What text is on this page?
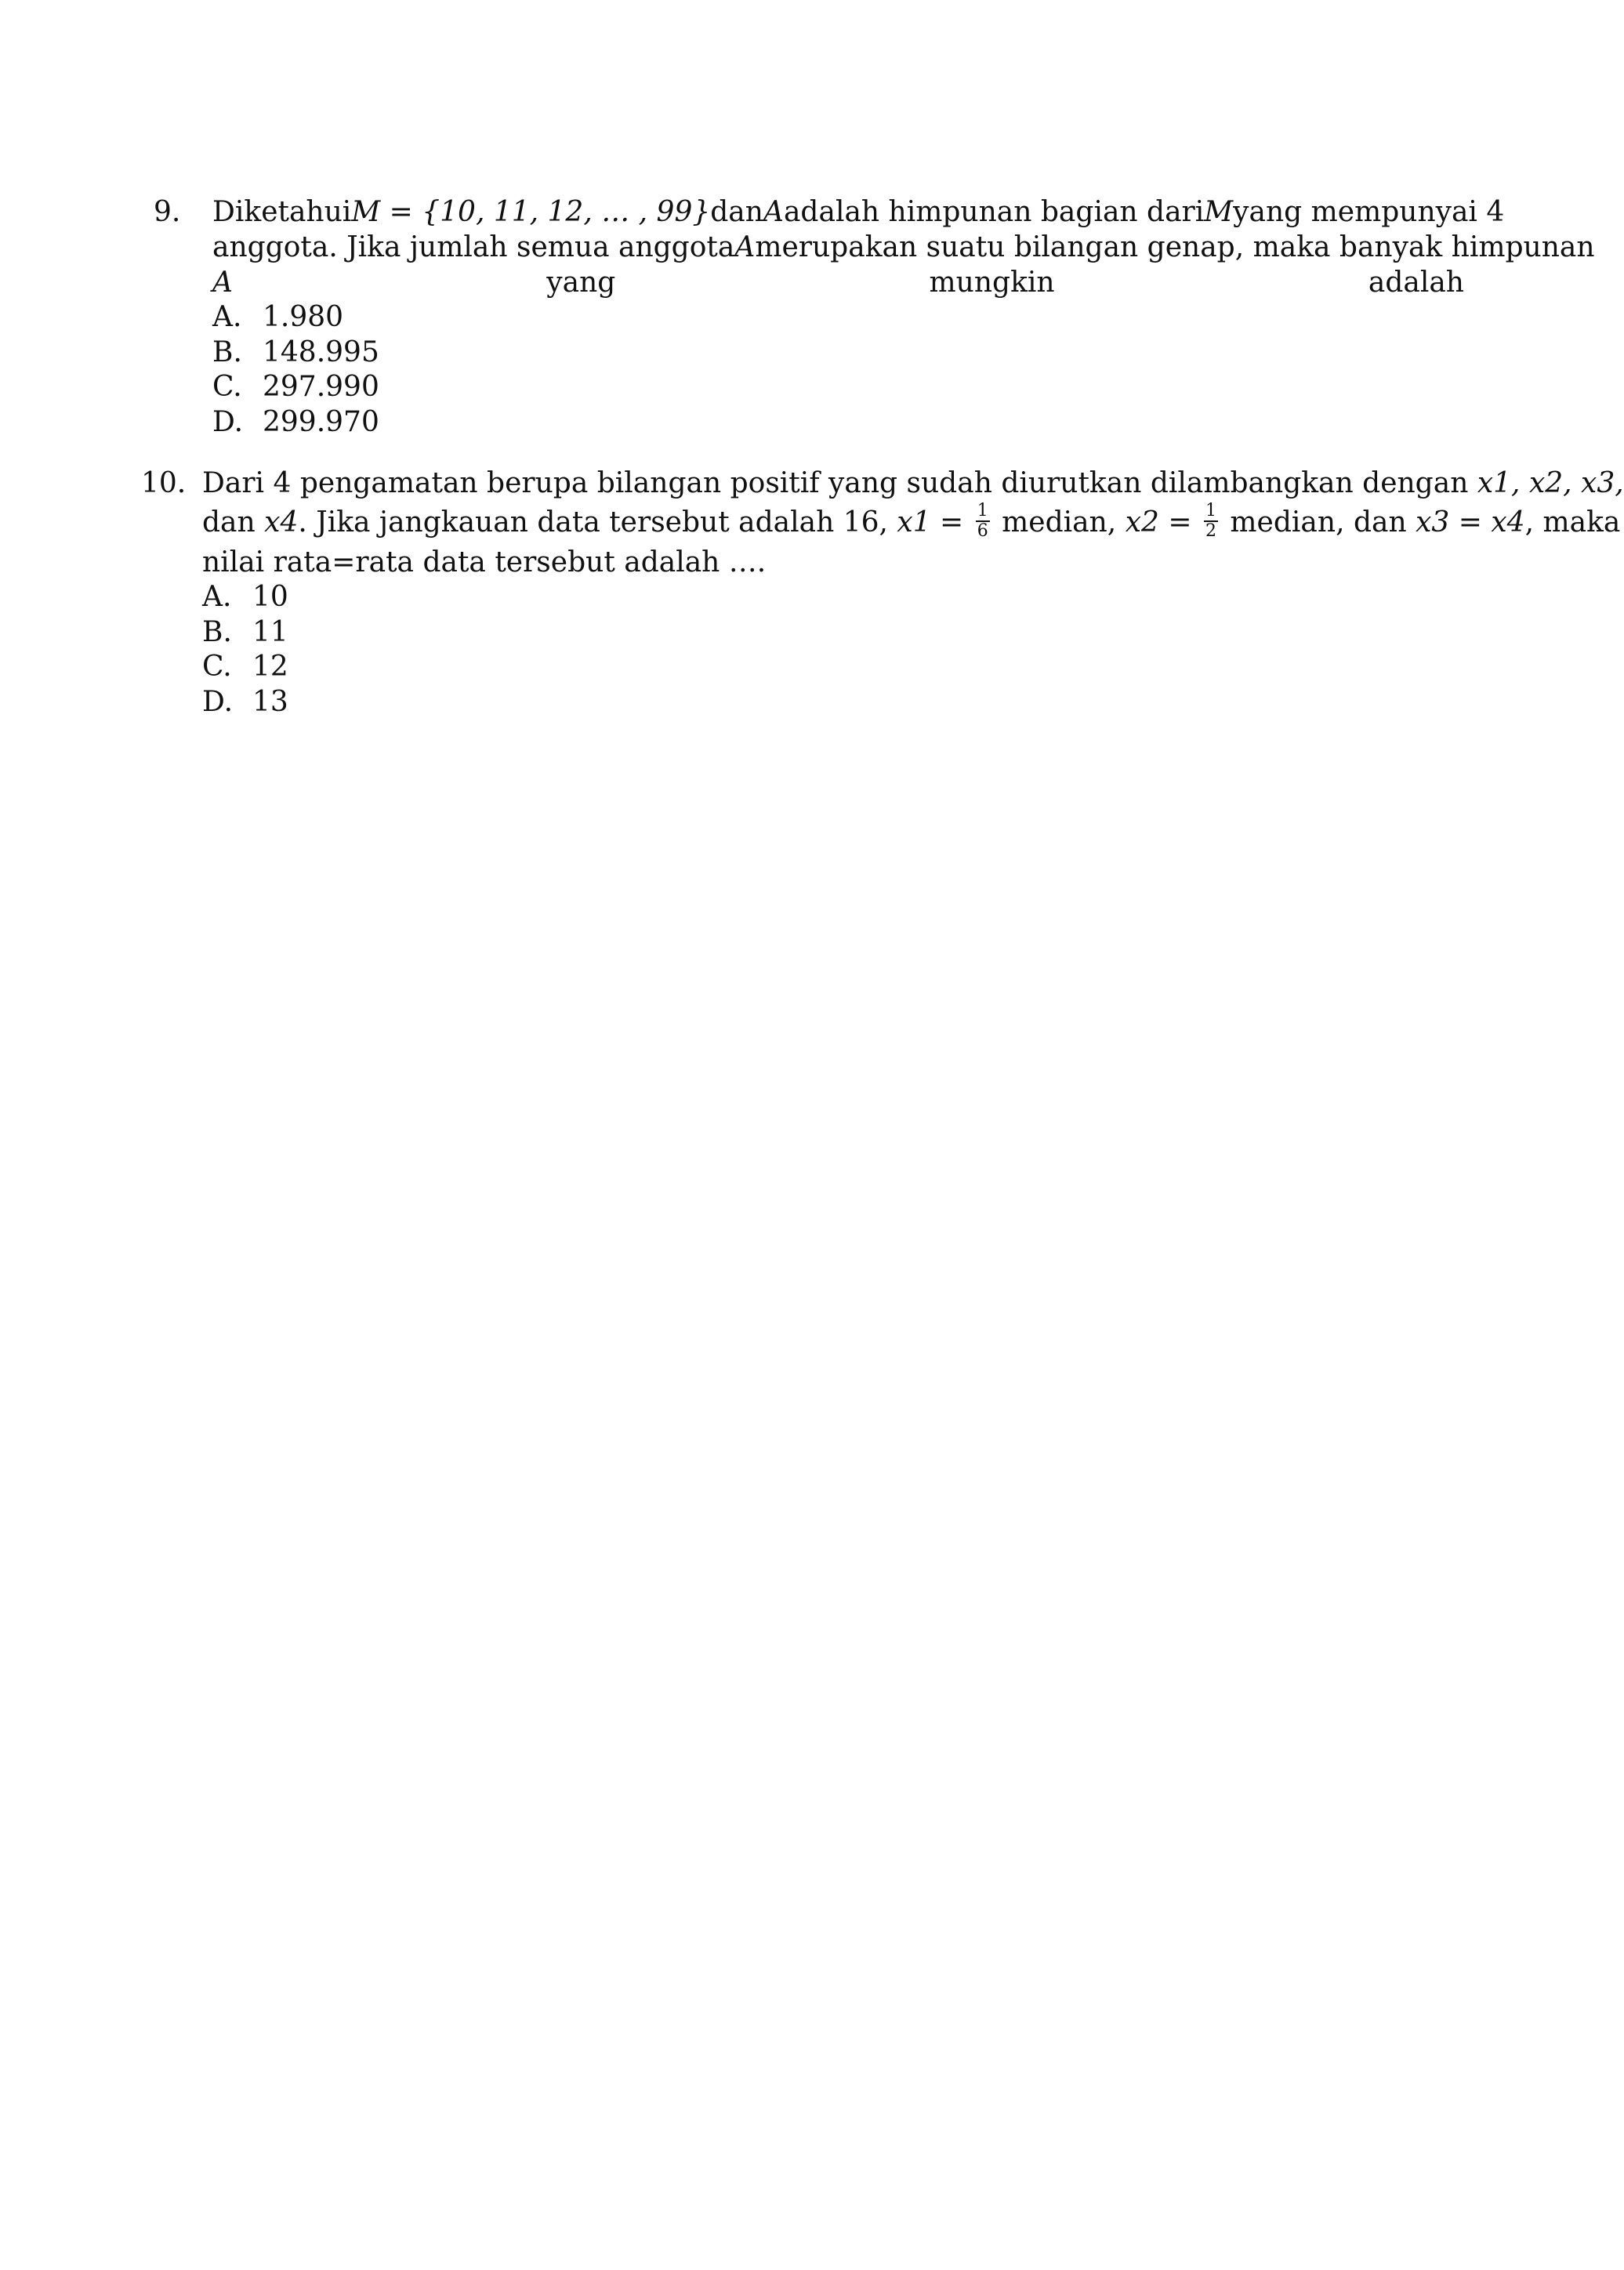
9. Diketahui M = {10, 11, 12, … , 99} dan A adalah himpunan bagian dari M yang mempunyai 4
anggota. Jika jumlah semua anggota A merupakan suatu bilangan genap, maka banyak himpunan
A	yang mungkin adalah
A. 1.980
B. 148.995
C. 297.990
D. 299.970
10. Dari 4 pengamatan berupa bilangan positif yang sudah diurutkan dilambangkan dengan x1, x2, x3,
dan x4. Jika jangkauan data tersebut adalah 16, $x1 = \frac{1}{6}$ median, $x2 = \frac{1}{2}$ median, dan x3 = x4, maka
nilai rata=rata data tersebut adalah ….
A. 10
B. 11
C. 12
D. 13
